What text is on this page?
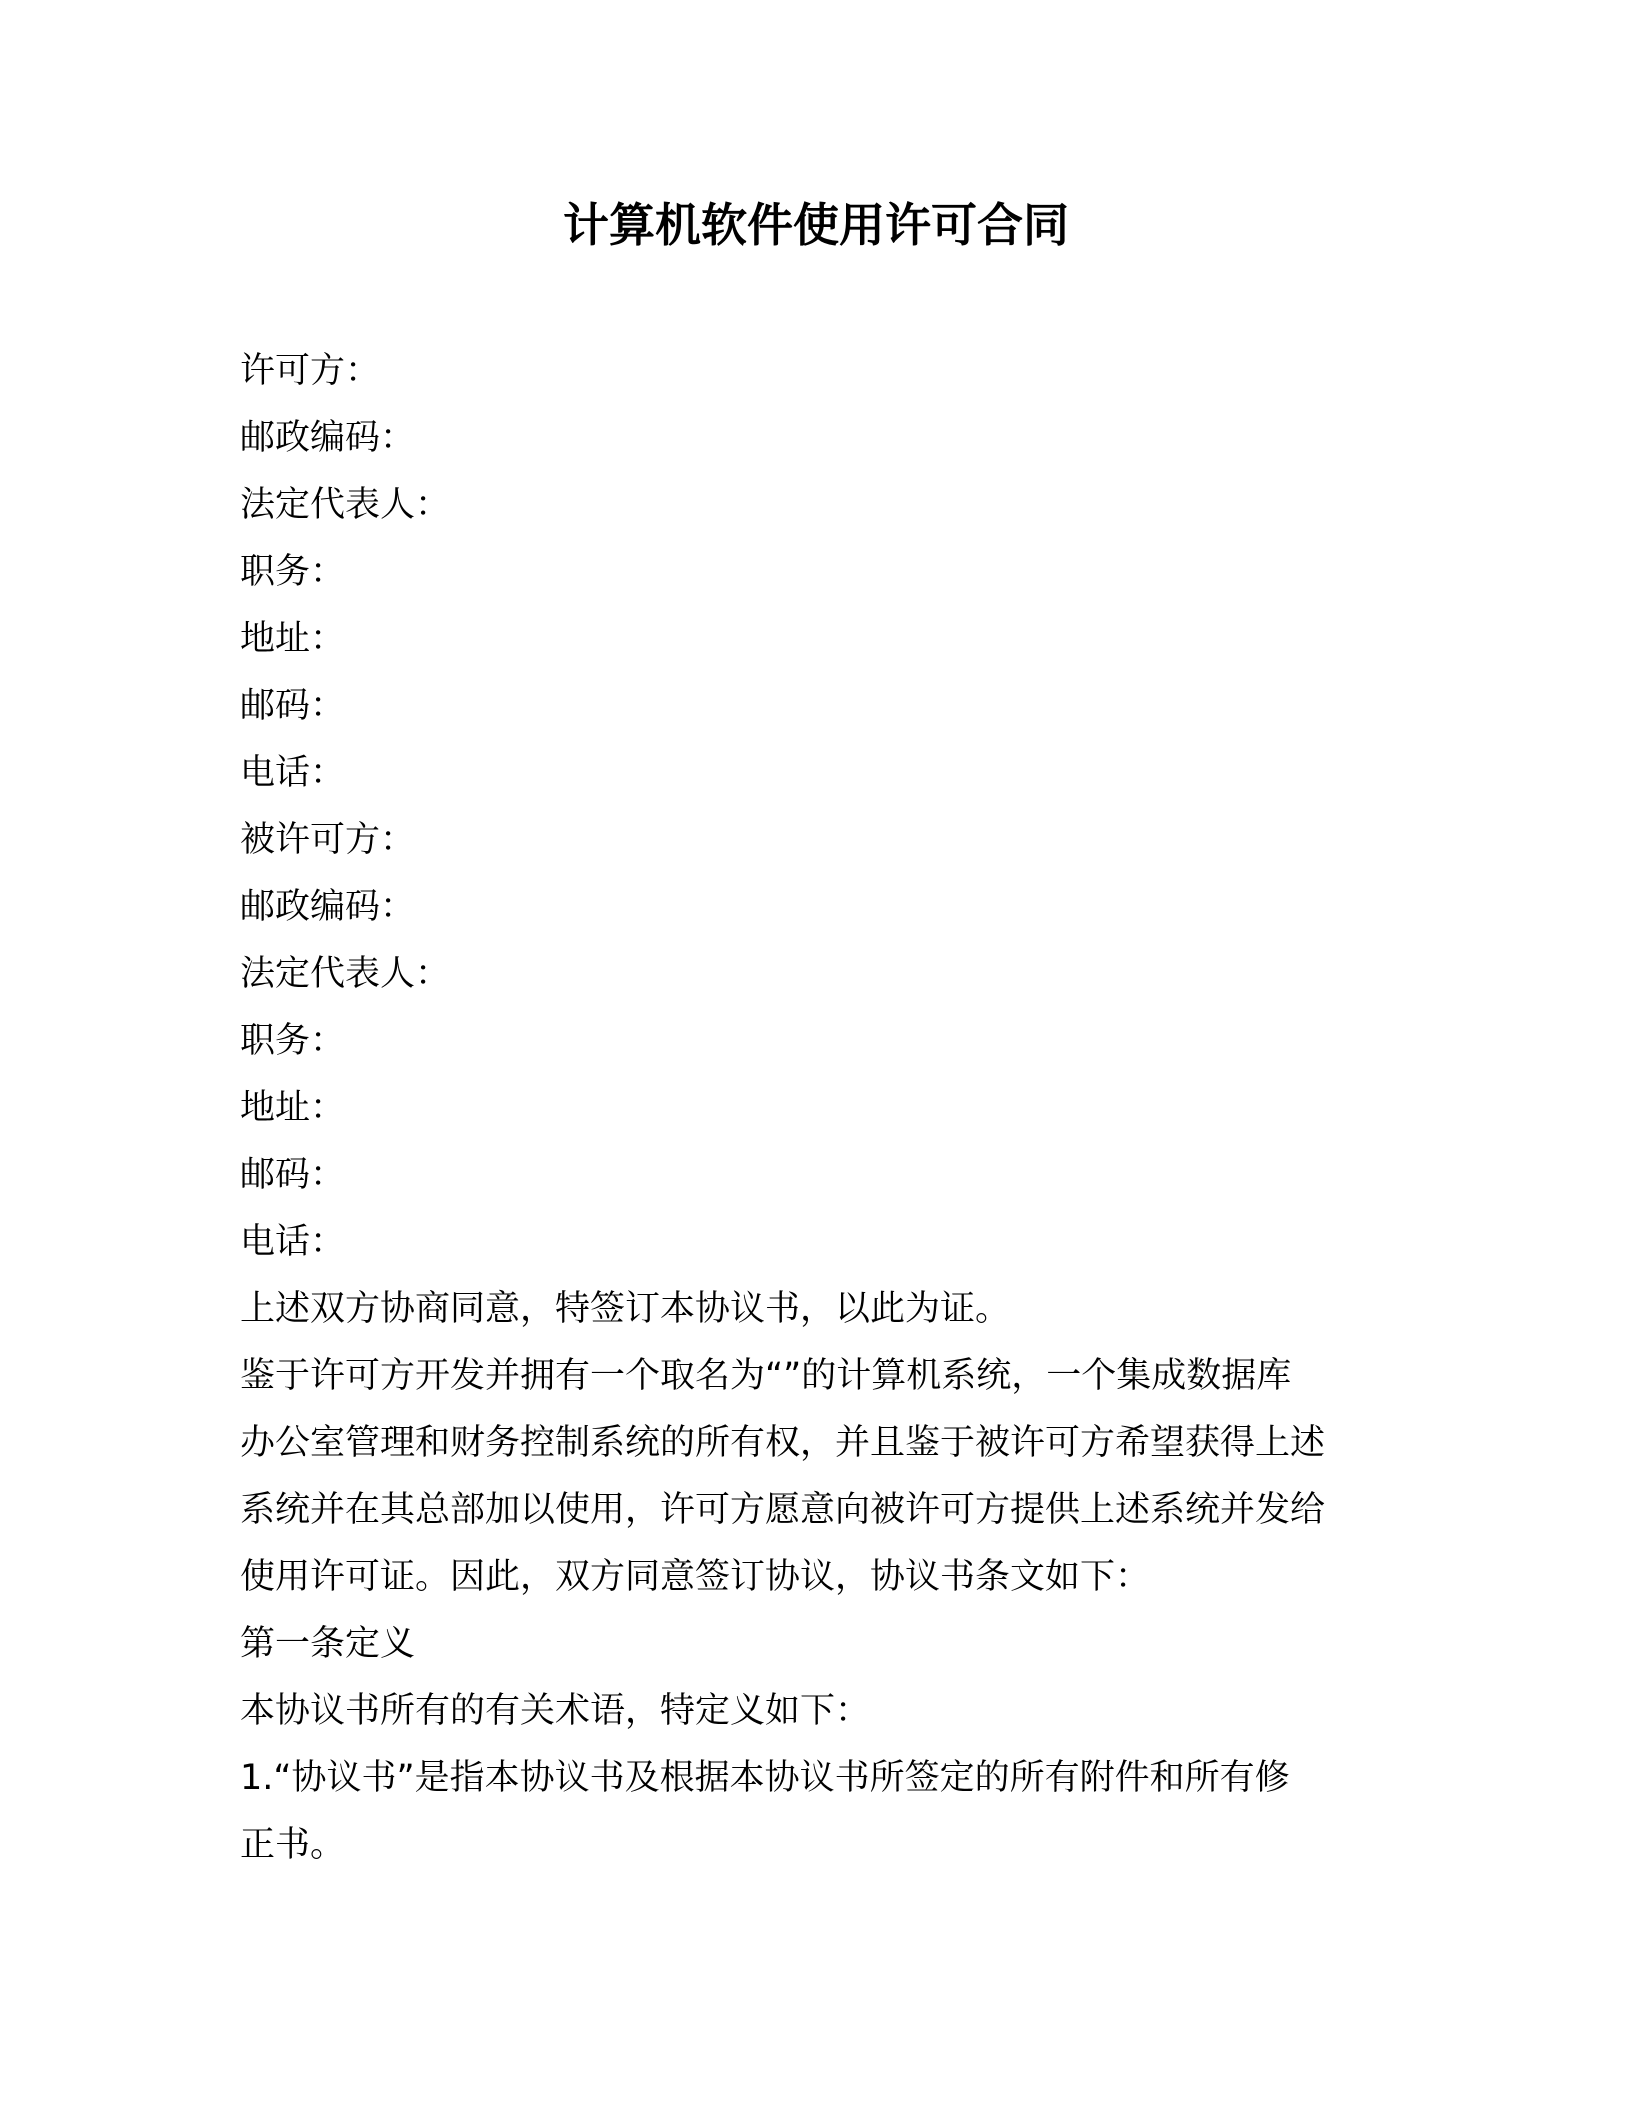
计算机软件使用许可合同
许可方：
邮政编码：
法定代表人：
职务：
地址：
邮码：
电话：
被许可方：
邮政编码：
法定代表人：
职务：
地址：
邮码：
电话：
上述双方协商同意，特签订本协议书，以此为证。
鉴于许可方开发并拥有一个取名为“”的计算机系统，一个集成数据库
办公室管理和财务控制系统的所有权，并且鉴于被许可方希望获得上述
系统并在其总部加以使用，许可方愿意向被许可方提供上述系统并发给
使用许可证。因此，双方同意签订协议，协议书条文如下：
第一条定义
本协议书所有的有关术语，特定义如下：
1.“协议书”是指本协议书及根据本协议书所签定的所有附件和所有修
正书。
